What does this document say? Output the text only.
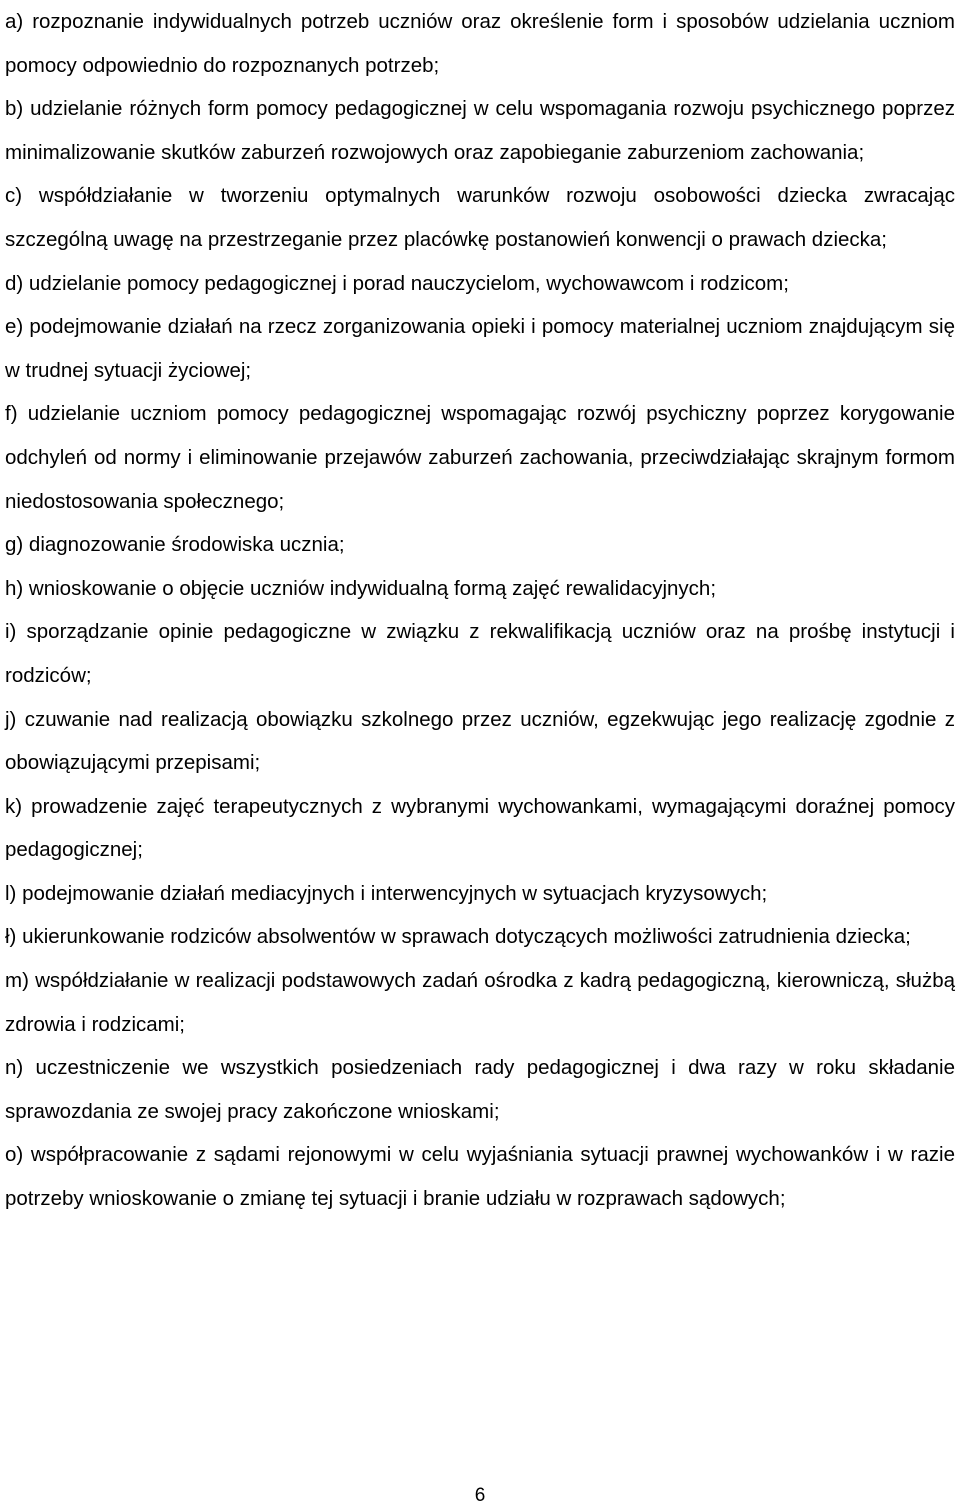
a) rozpoznanie indywidualnych potrzeb uczniów oraz określenie form i sposobów udzielania uczniom pomocy odpowiednio do rozpoznanych potrzeb;

b) udzielanie różnych form pomocy pedagogicznej w celu wspomagania rozwoju psychicznego poprzez minimalizowanie skutków zaburzeń rozwojowych oraz zapobieganie zaburzeniom zachowania;

c) współdziałanie w tworzeniu optymalnych warunków rozwoju osobowości dziecka zwracając szczególną uwagę na przestrzeganie przez placówkę postanowień konwencji o prawach dziecka;

d) udzielanie pomocy pedagogicznej i porad nauczycielom, wychowawcom i rodzicom;

e) podejmowanie działań na rzecz zorganizowania opieki i pomocy materialnej uczniom znajdującym się w trudnej sytuacji życiowej;

f) udzielanie uczniom pomocy pedagogicznej wspomagając rozwój psychiczny poprzez korygowanie odchyleń od normy i eliminowanie przejawów zaburzeń zachowania, przeciwdziałając skrajnym formom niedostosowania społecznego;

g) diagnozowanie środowiska ucznia;

h) wnioskowanie o objęcie uczniów indywidualną formą zajęć rewalidacyjnych;

i) sporządzanie opinie pedagogiczne w związku z rekwalifikacją uczniów oraz na prośbę instytucji i rodziców;

j) czuwanie nad realizacją obowiązku szkolnego przez uczniów, egzekwując jego realizację zgodnie z obowiązującymi przepisami;

k) prowadzenie zajęć terapeutycznych z wybranymi wychowankami, wymagającymi doraźnej pomocy pedagogicznej;

l) podejmowanie działań mediacyjnych i interwencyjnych w sytuacjach kryzysowych;

ł) ukierunkowanie rodziców absolwentów w sprawach dotyczących możliwości zatrudnienia dziecka;

m) współdziałanie w realizacji podstawowych zadań ośrodka z kadrą pedagogiczną, kierowniczą, służbą zdrowia i rodzicami;

n) uczestniczenie we wszystkich posiedzeniach rady pedagogicznej i dwa razy w roku składanie sprawozdania ze swojej pracy zakończone wnioskami;

o) współpracowanie z sądami rejonowymi w celu wyjaśniania sytuacji prawnej wychowanków i w razie potrzeby wnioskowanie o zmianę tej sytuacji i branie udziału w rozprawach sądowych;

6
